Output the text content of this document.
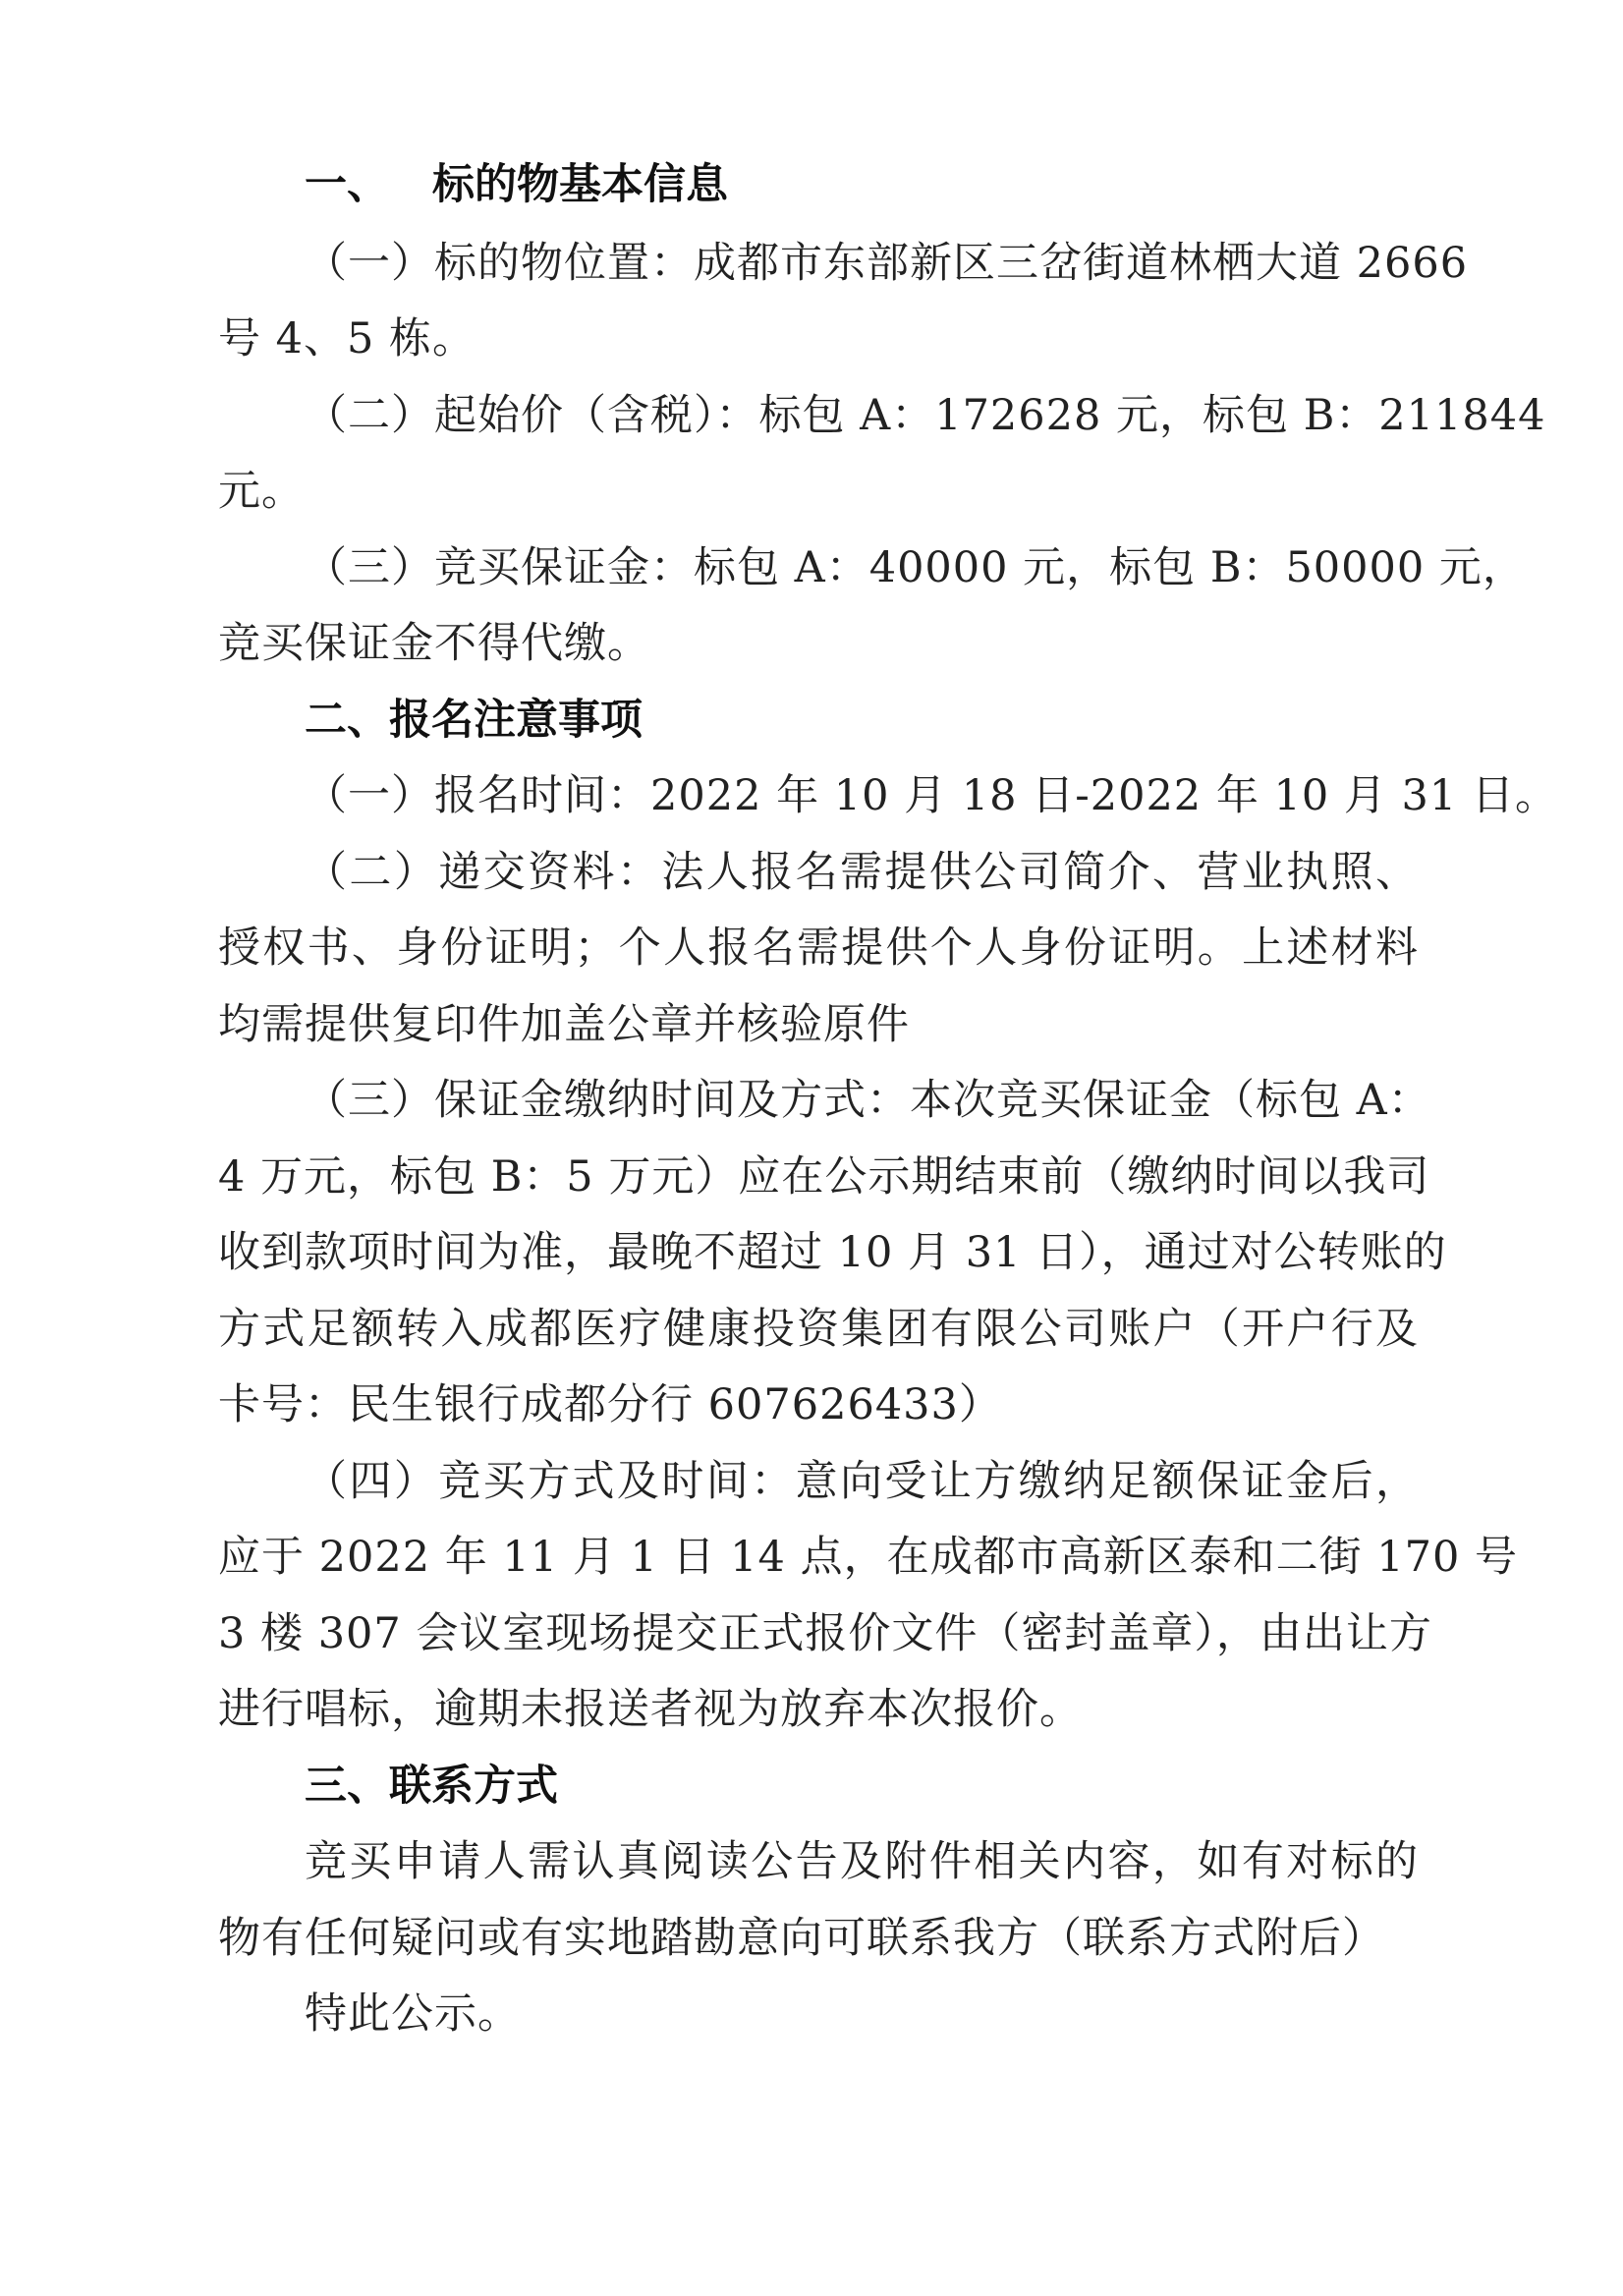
一、 标的物基本信息
（一）标的物位置：成都市东部新区三岔街道林栖大道 2666
号 4、5 栋。
（二）起始价（含税）：标包 A：172628 元，标包 B：211844
元。
（三）竞买保证金：标包 A：40000 元，标包 B：50000 元，
竞买保证金不得代缴。
二、报名注意事项
（一）报名时间：2022 年 10 月 18 日-2022 年 10 月 31 日。
（二）递交资料：法人报名需提供公司简介、营业执照、
授权书、身份证明；个人报名需提供个人身份证明。上述材料
均需提供复印件加盖公章并核验原件
（三）保证金缴纳时间及方式：本次竞买保证金（标包 A：
4 万元，标包 B：5 万元）应在公示期结束前（缴纳时间以我司
收到款项时间为准，最晚不超过 10 月 31 日），通过对公转账的
方式足额转入成都医疗健康投资集团有限公司账户（开户行及
卡号：民生银行成都分行 607626433）
（四）竞买方式及时间：意向受让方缴纳足额保证金后，
应于 2022 年 11 月 1 日 14 点，在成都市高新区泰和二街 170 号
3 楼 307 会议室现场提交正式报价文件（密封盖章），由出让方
进行唱标，逾期未报送者视为放弃本次报价。
三、联系方式
竞买申请人需认真阅读公告及附件相关内容，如有对标的
物有任何疑问或有实地踏勘意向可联系我方（联系方式附后）
特此公示。
